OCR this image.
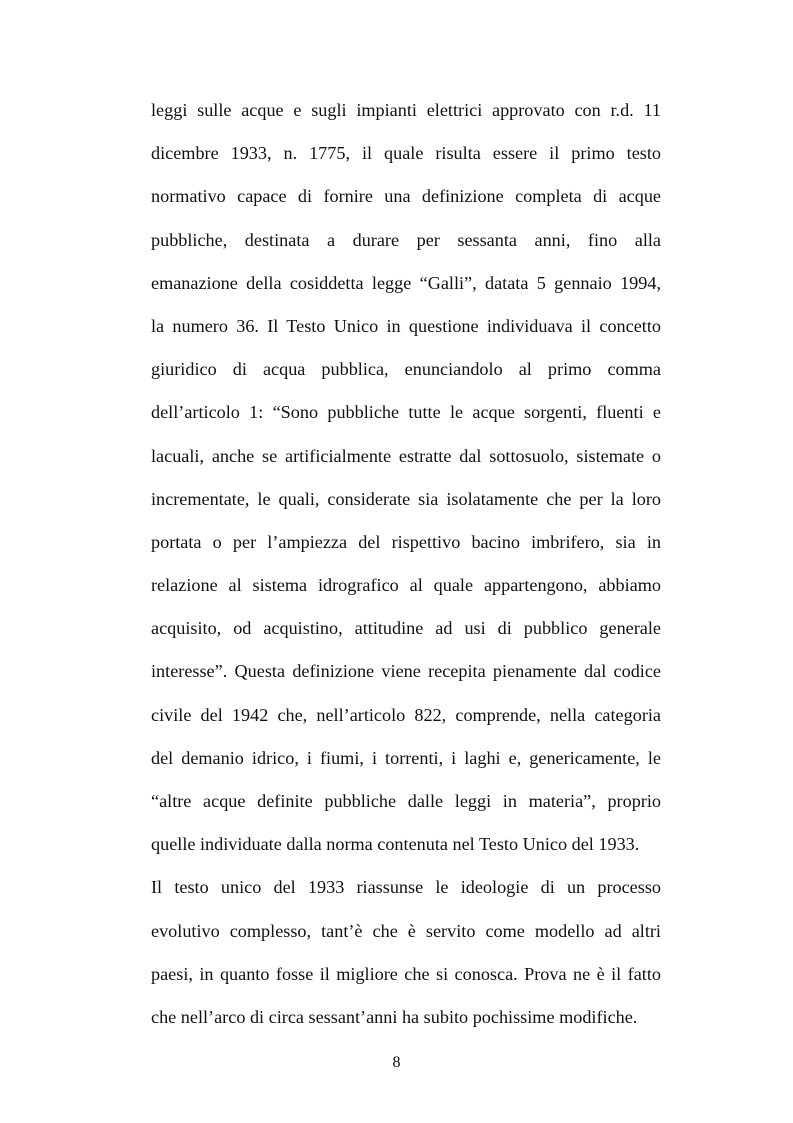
leggi sulle acque e sugli impianti elettrici approvato con r.d. 11
dicembre 1933, n. 1775, il quale risulta essere il primo testo
normativo capace di fornire una definizione completa di acque
pubbliche, destinata a durare per sessanta anni, fino alla
emanazione della cosiddetta legge “Galli”, datata 5 gennaio 1994,
la numero 36. Il Testo Unico in questione individuava il concetto
giuridico di acqua pubblica, enunciandolo al primo comma
dell’articolo 1: “Sono pubbliche tutte le acque sorgenti, fluenti e
lacuali, anche se artificialmente estratte dal sottosuolo, sistemate o
incrementate, le quali, considerate sia isolatamente che per la loro
portata o per l’ampiezza del rispettivo bacino imbrifero, sia in
relazione al sistema idrografico al quale appartengono, abbiamo
acquisito, od acquistino, attitudine ad usi di pubblico generale
interesse”. Questa definizione viene recepita pienamente dal codice
civile del 1942 che, nell’articolo 822, comprende, nella categoria
del demanio idrico, i fiumi, i torrenti, i laghi e, genericamente, le
“altre acque definite pubbliche dalle leggi in materia”, proprio
quelle individuate dalla norma contenuta nel Testo Unico del 1933.
Il testo unico del 1933 riassunse le ideologie di un processo
evolutivo complesso, tant’è che è servito come modello ad altri
paesi, in quanto fosse il migliore che si conosca. Prova ne è il fatto
che nell’arco di circa sessant’anni ha subito pochissime modifiche.
8
